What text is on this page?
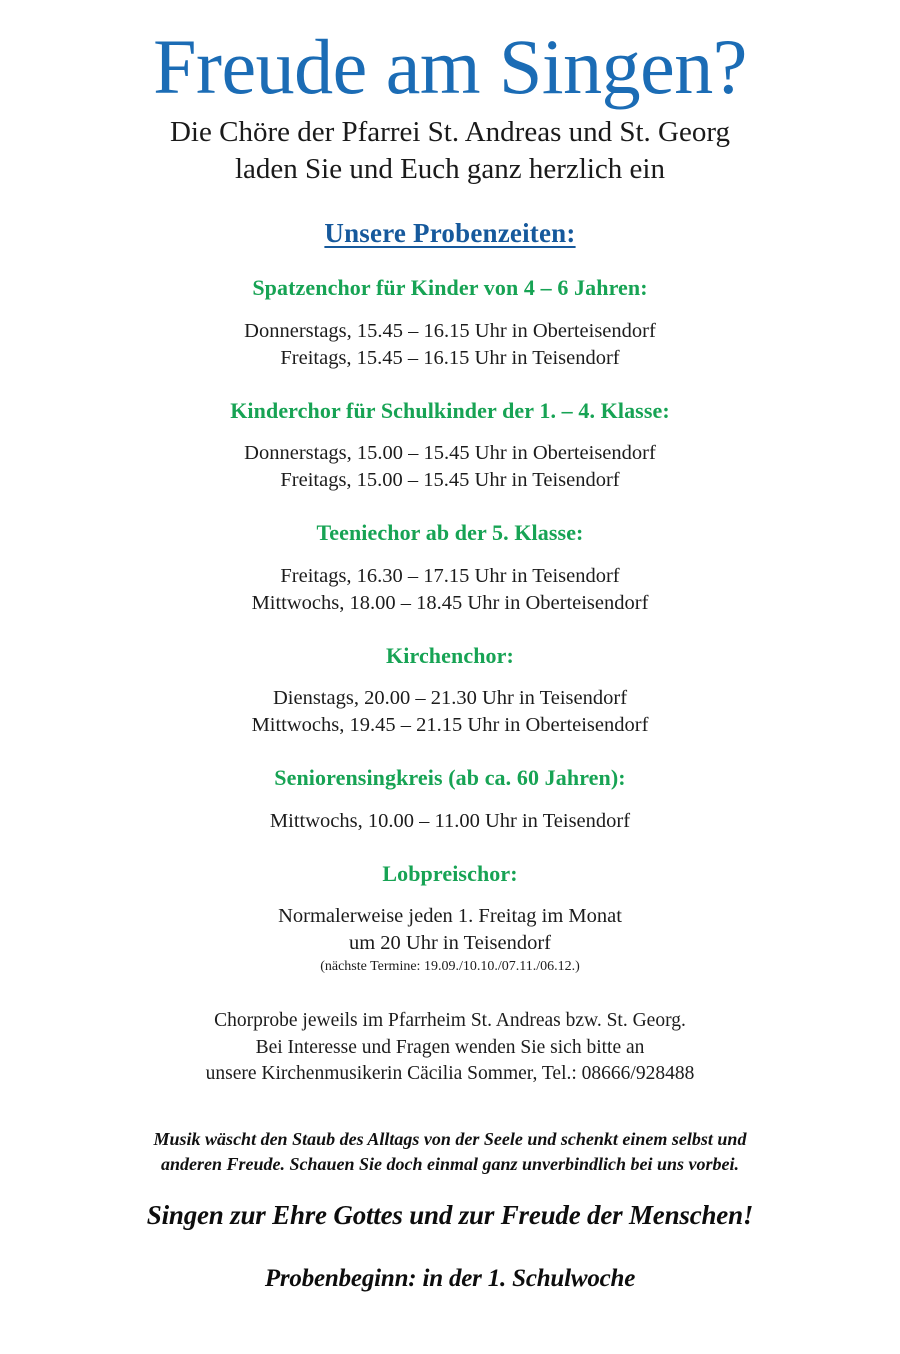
Freude am Singen?

Die Chöre der Pfarrei St. Andreas und St. Georg
laden Sie und Euch ganz herzlich ein

Unsere Probenzeiten:

Spatzenchor für Kinder von 4 – 6 Jahren:
Donnerstags, 15.45 – 16.15 Uhr in Oberteisendorf
Freitags, 15.45 – 16.15 Uhr in Teisendorf
Kinderchor für Schulkinder der 1. – 4. Klasse:
Donnerstags, 15.00 – 15.45 Uhr in Oberteisendorf
Freitags, 15.00 – 15.45 Uhr in Teisendorf
Teeniechor ab der 5. Klasse:
Freitags, 16.30 – 17.15 Uhr in Teisendorf
Mittwochs, 18.00 – 18.45 Uhr in Oberteisendorf
Kirchenchor:
Dienstags, 20.00 – 21.30 Uhr in Teisendorf
Mittwochs, 19.45 – 21.15 Uhr in Oberteisendorf
Seniorensingkreis (ab ca. 60 Jahren):
Mittwochs, 10.00 – 11.00 Uhr in Teisendorf
Lobpreischor:
Normalerweise jeden 1. Freitag im Monat
um 20 Uhr in Teisendorf
(nächste Termine: 19.09./10.10./07.11./06.12.)
Chorprobe jeweils im Pfarrheim St. Andreas bzw. St. Georg.
Bei Interesse und Fragen wenden Sie sich bitte an
unsere Kirchenmusikerin Cäcilia Sommer, Tel.: 08666/928488
Musik wäscht den Staub des Alltags von der Seele und schenkt einem selbst und
anderen Freude. Schauen Sie doch einmal ganz unverbindlich bei uns vorbei.
Singen zur Ehre Gottes und zur Freude der Menschen!
Probenbeginn: in der 1. Schulwoche
